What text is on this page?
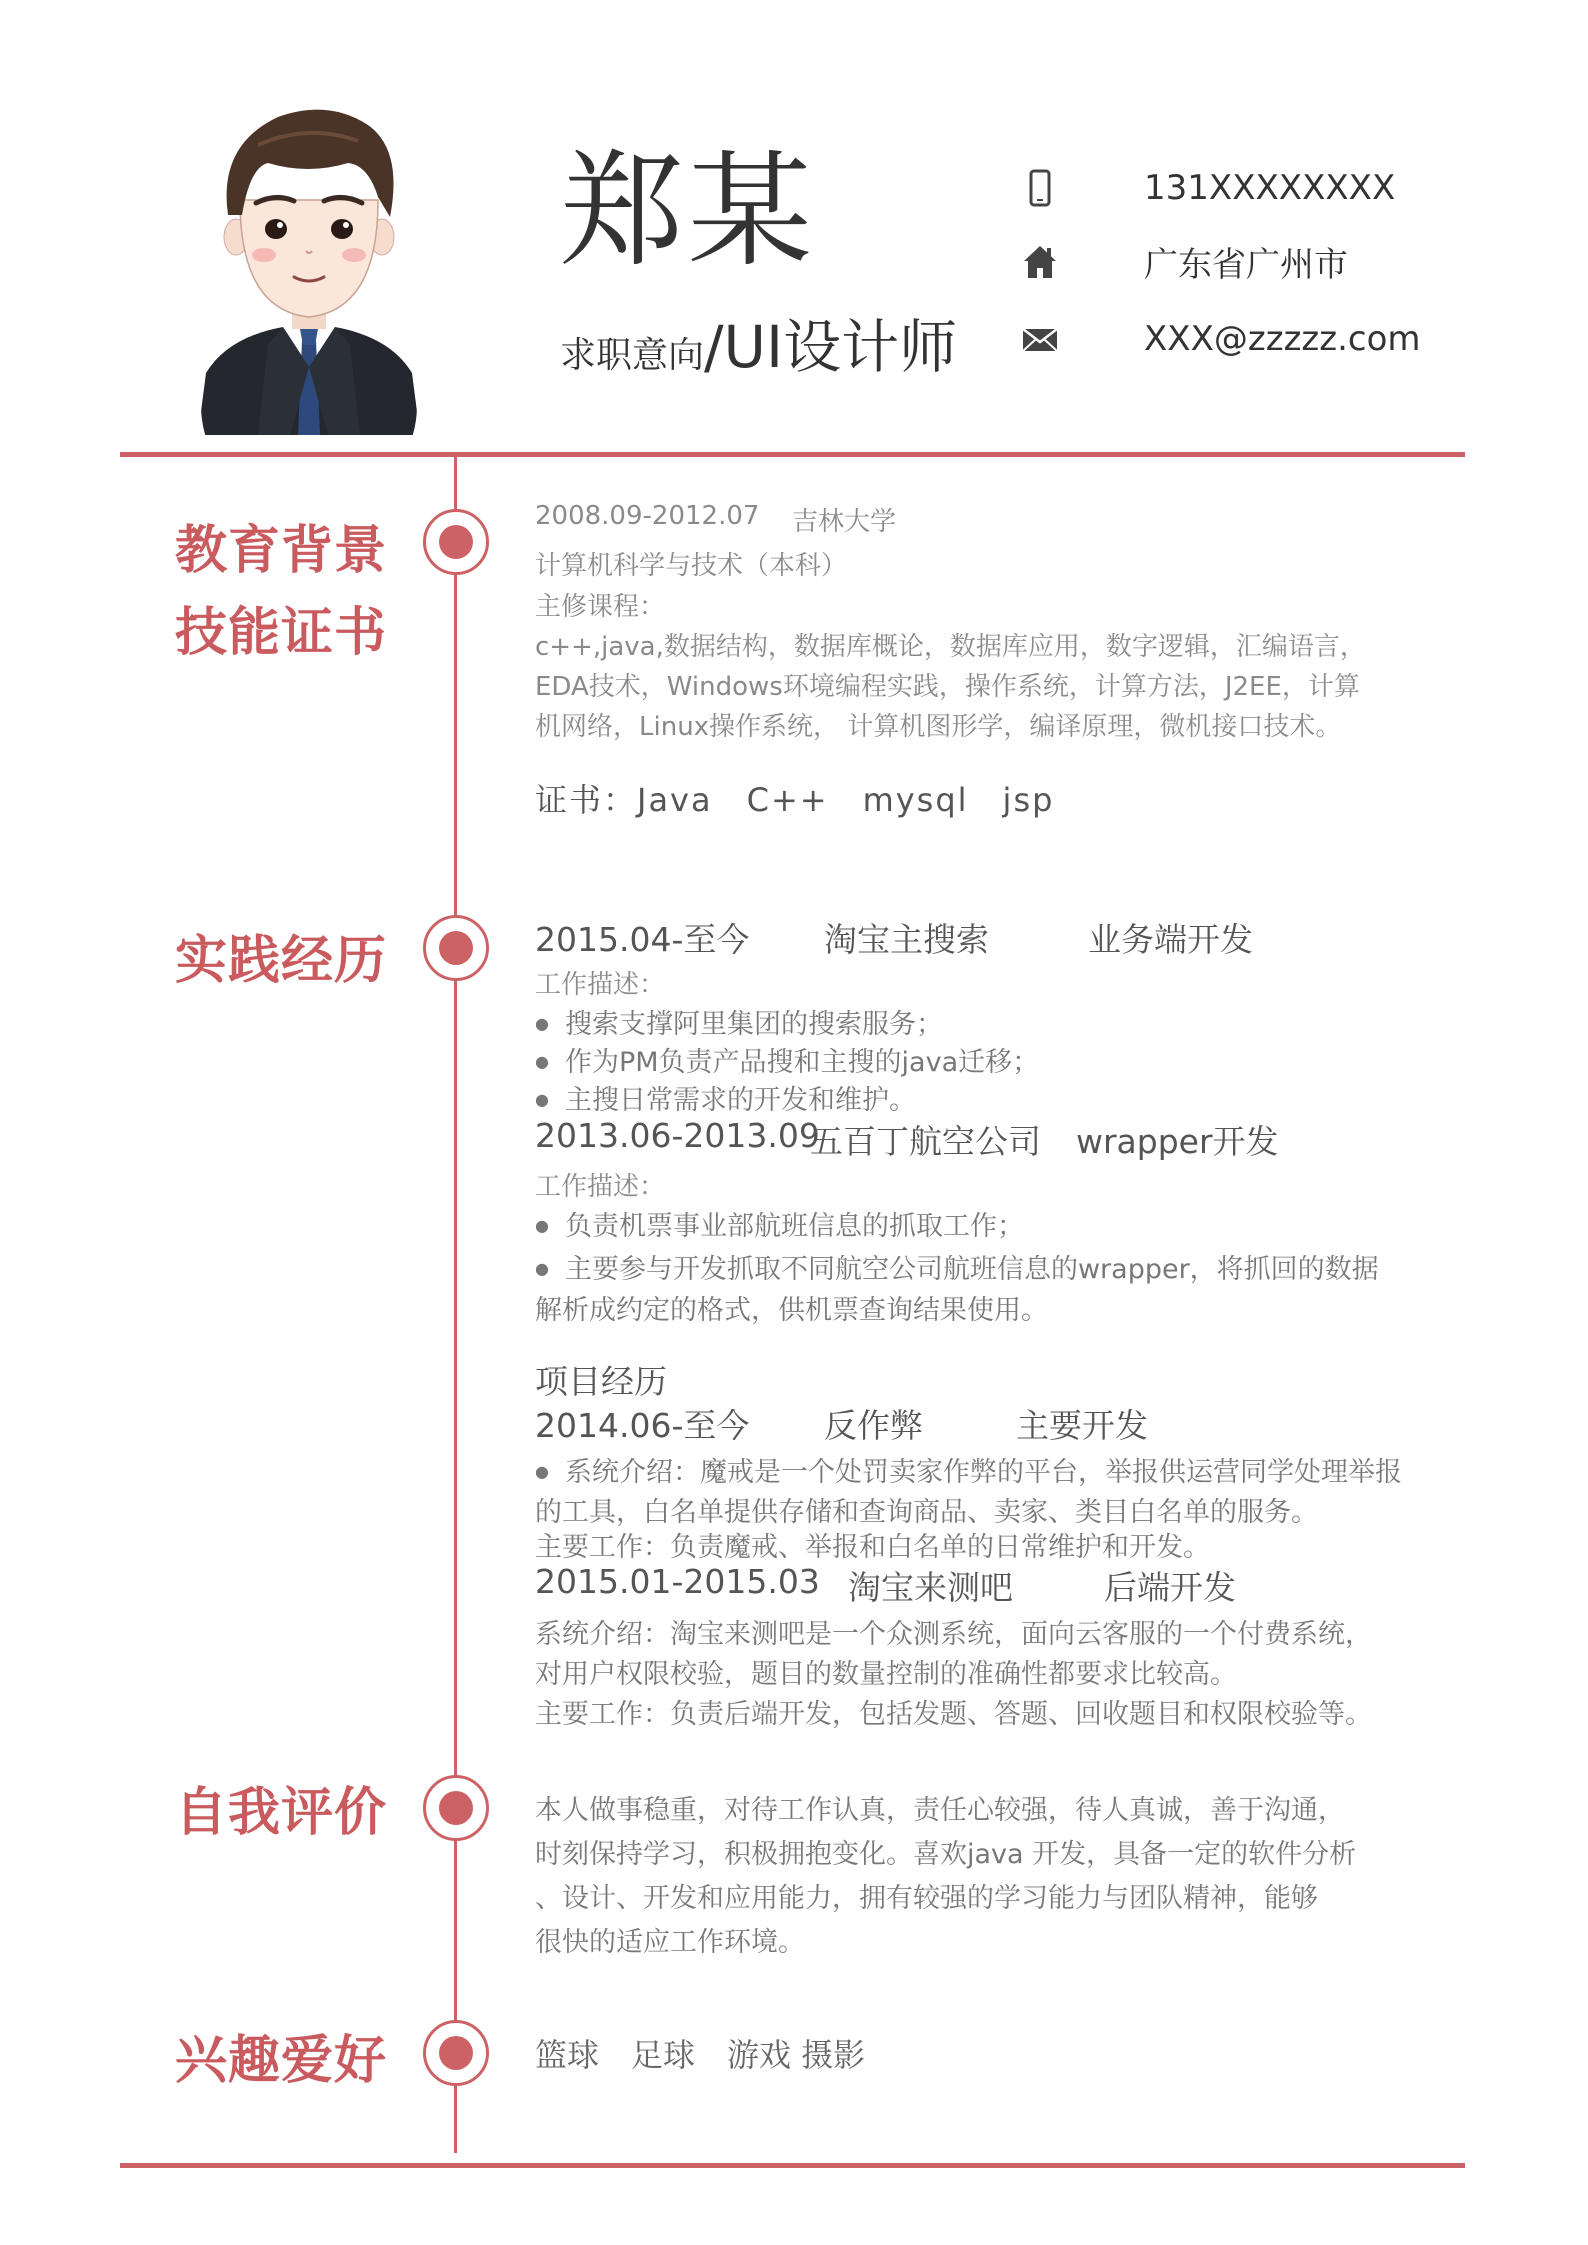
郑某
求职意向/UI设计师
131XXXXXXXX
广东省广州市
XXX@zzzzz.com
教育背景
技能证书
实践经历
自我评价
兴趣爱好
2008.09-2012.07 吉林大学
计算机科学与技术（本科）
主修课程：
c++,java,数据结构，数据库概论，数据库应用，数字逻辑，汇编语言，
EDA技术，Windows环境编程实践，操作系统，计算方法，J2EE，计算
机网络，Linux操作系统， 计算机图形学，编译原理，微机接口技术。
证书：Java　C++　mysql　jsp
2015.04-至今 淘宝主搜索	业务端开发
工作描述：
● 搜索支撑阿里集团的搜索服务；
● 作为PM负责产品搜和主搜的java迁移；
● 主搜日常需求的开发和维护。
2013.06-2013.09
五百丁航空公司 wrapper开发
工作描述：
● 负责机票事业部航班信息的抓取工作；
● 主要参与开发抓取不同航空公司航班信息的wrapper，将抓回的数据
解析成约定的格式，供机票查询结果使用。
项目经历
2014.06-至今 反作弊	主要开发
● 系统介绍：魔戒是一个处罚卖家作弊的平台，举报供运营同学处理举报
的工具，白名单提供存储和查询商品、卖家、类目白名单的服务。
主要工作：负责魔戒、举报和白名单的日常维护和开发。
2015.01-2015.03 淘宝来测吧	后端开发
系统介绍：淘宝来测吧是一个众测系统，面向云客服的一个付费系统，
对用户权限校验，题目的数量控制的准确性都要求比较高。
主要工作：负责后端开发，包括发题、答题、回收题目和权限校验等。
本人做事稳重，对待工作认真，责任心较强，待人真诚，善于沟通，
时刻保持学习，积极拥抱变化。喜欢java 开发，具备一定的软件分析
、设计、开发和应用能力，拥有较强的学习能力与团队精神，能够
很快的适应工作环境。
篮球　足球　游戏 摄影
